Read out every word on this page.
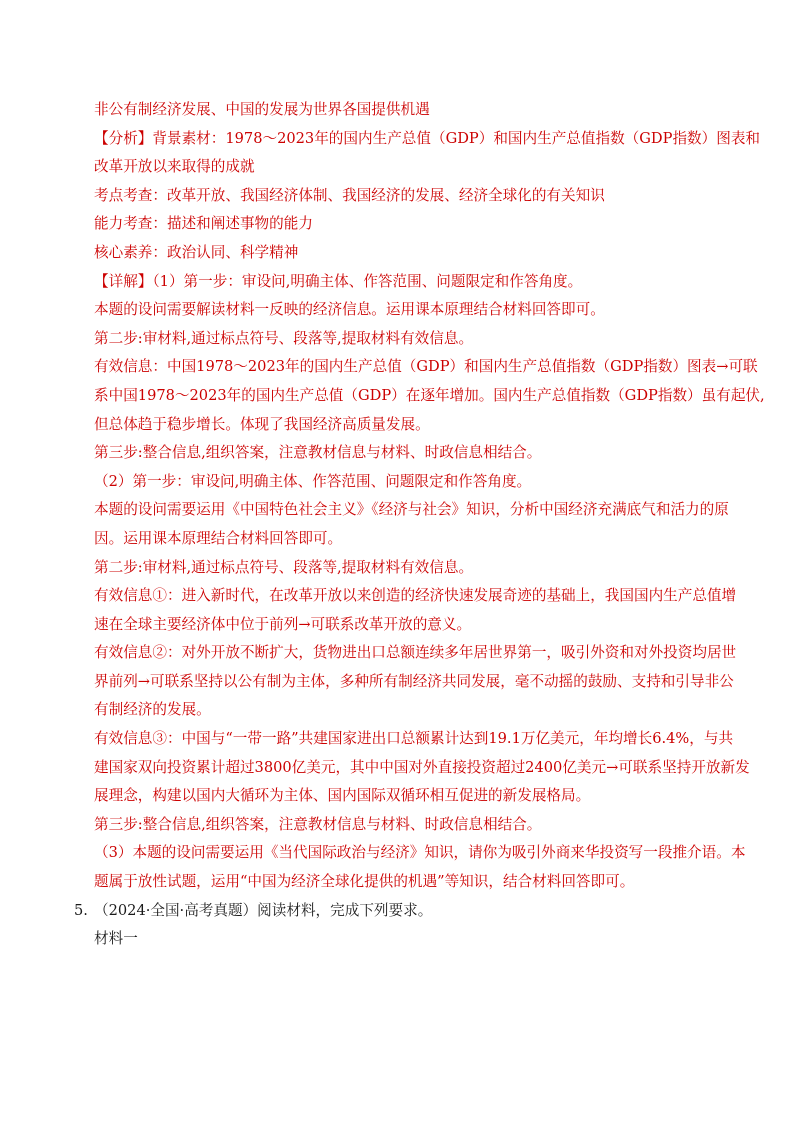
非公有制经济发展、中国的发展为世界各国提供机遇
【分析】背景素材：1978～2023年的国内生产总值（GDP）和国内生产总值指数（GDP指数）图表和
改革开放以来取得的成就
考点考查：改革开放、我国经济体制、我国经济的发展、经济全球化的有关知识
能力考查：描述和阐述事物的能力
核心素养：政治认同、科学精神
【详解】（1）第一步：审设问,明确主体、作答范围、问题限定和作答角度。
本题的设问需要解读材料一反映的经济信息。运用课本原理结合材料回答即可。
第二步:审材料,通过标点符号、段落等,提取材料有效信息。
有效信息：中国1978～2023年的国内生产总值（GDP）和国内生产总值指数（GDP指数）图表→可联
系中国1978～2023年的国内生产总值（GDP）在逐年增加。国内生产总值指数（GDP指数）虽有起伏,
但总体趋于稳步增长。体现了我国经济高质量发展。
第三步:整合信息,组织答案，注意教材信息与材料、时政信息相结合。
（2）第一步：审设问,明确主体、作答范围、问题限定和作答角度。
本题的设问需要运用《中国特色社会主义》《经济与社会》知识，分析中国经济充满底气和活力的原
因。运用课本原理结合材料回答即可。
第二步:审材料,通过标点符号、段落等,提取材料有效信息。
有效信息①：进入新时代，在改革开放以来创造的经济快速发展奇迹的基础上，我国国内生产总值增
速在全球主要经济体中位于前列→可联系改革开放的意义。
有效信息②：对外开放不断扩大，货物进出口总额连续多年居世界第一，吸引外资和对外投资均居世
界前列→可联系坚持以公有制为主体，多种所有制经济共同发展，毫不动摇的鼓励、支持和引导非公
有制经济的发展。
有效信息③：中国与“一带一路”共建国家进出口总额累计达到19.1万亿美元，年均增长6.4%，与共
建国家双向投资累计超过3800亿美元，其中中国对外直接投资超过2400亿美元→可联系坚持开放新发
展理念，构建以国内大循环为主体、国内国际双循环相互促进的新发展格局。
第三步:整合信息,组织答案，注意教材信息与材料、时政信息相结合。
（3）本题的设问需要运用《当代国际政治与经济》知识，请你为吸引外商来华投资写一段推介语。本
题属于放性试题，运用“中国为经济全球化提供的机遇”等知识，结合材料回答即可。
5. （2024·全国·高考真题）阅读材料，完成下列要求。
材料一
